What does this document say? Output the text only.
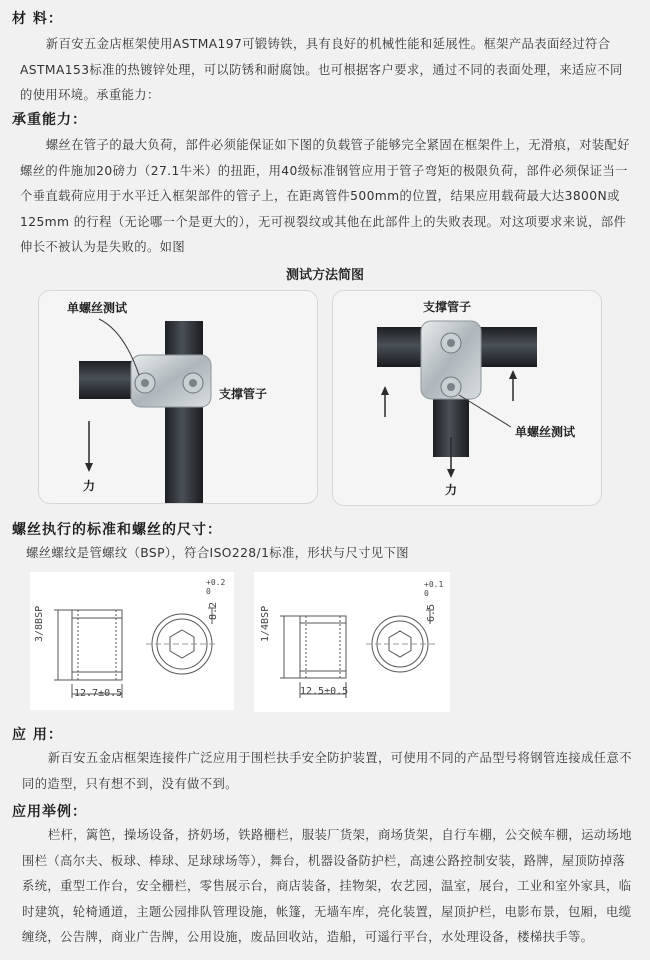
材 料：
新百安五金店框架使用ASTMA197可锻铸铁，具有良好的机械性能和延展性。框架产品表面经过符合ASTMA153标准的热镀锌处理，可以防锈和耐腐蚀。也可根据客户要求，通过不同的表面处理，来适应不同的使用环境。承重能力：
承重能力：
螺丝在管子的最大负荷，部件必须能保证如下图的负载管子能够完全紧固在框架件上，无滑痕，对装配好螺丝的件施加20磅力（27.1牛米）的扭距，用40级标准钢管应用于管子弯矩的极限负荷，部件必须保证当一个垂直载荷应用于水平迁入框架部件的管子上，在距离管件500mm的位置，结果应用载荷最大达3800N或125mm 的行程（无论哪一个是更大的），无可视裂纹或其他在此部件上的失败表现。对这项要求来说，部件伸长不被认为是失败的。如图
测试方法简图
单螺丝测试
支撑管子
力
支撑管子
单螺丝测试
力
螺丝执行的标准和螺丝的尺寸：
螺丝螺纹是管螺纹（BSP），符合ISO228/1标准，形状与尺寸见下图
3/8BSP
12.7±0.5
8.2
+0.2
0
1/4BSP
12.5±0.5
6.5
+0.1
0
应 用：
新百安五金店框架连接件广泛应用于围栏扶手安全防护装置，可使用不同的产品型号将钢管连接成任意不同的造型，只有想不到，没有做不到。
应用举例：
栏杆，篱笆，操场设备，挤奶场，铁路栅栏，服装厂货架，商场货架，自行车棚，公交候车棚，运动场地围栏（高尔夫、板球、棒球、足球球场等），舞台，机器设备防护栏，高速公路控制安装，路牌，屋顶防掉落系统，重型工作台，安全栅栏，零售展示台，商店装备，挂物架，农艺园，温室，展台，工业和室外家具，临时建筑，轮椅通道，主题公园排队管理设施，帐篷，无墙车库，亮化装置，屋顶护栏，电影布景，包厢，电缆缠绕，公告牌，商业广告牌，公用设施，废品回收站，造船，可遥行平台，水处理设备，楼梯扶手等。
